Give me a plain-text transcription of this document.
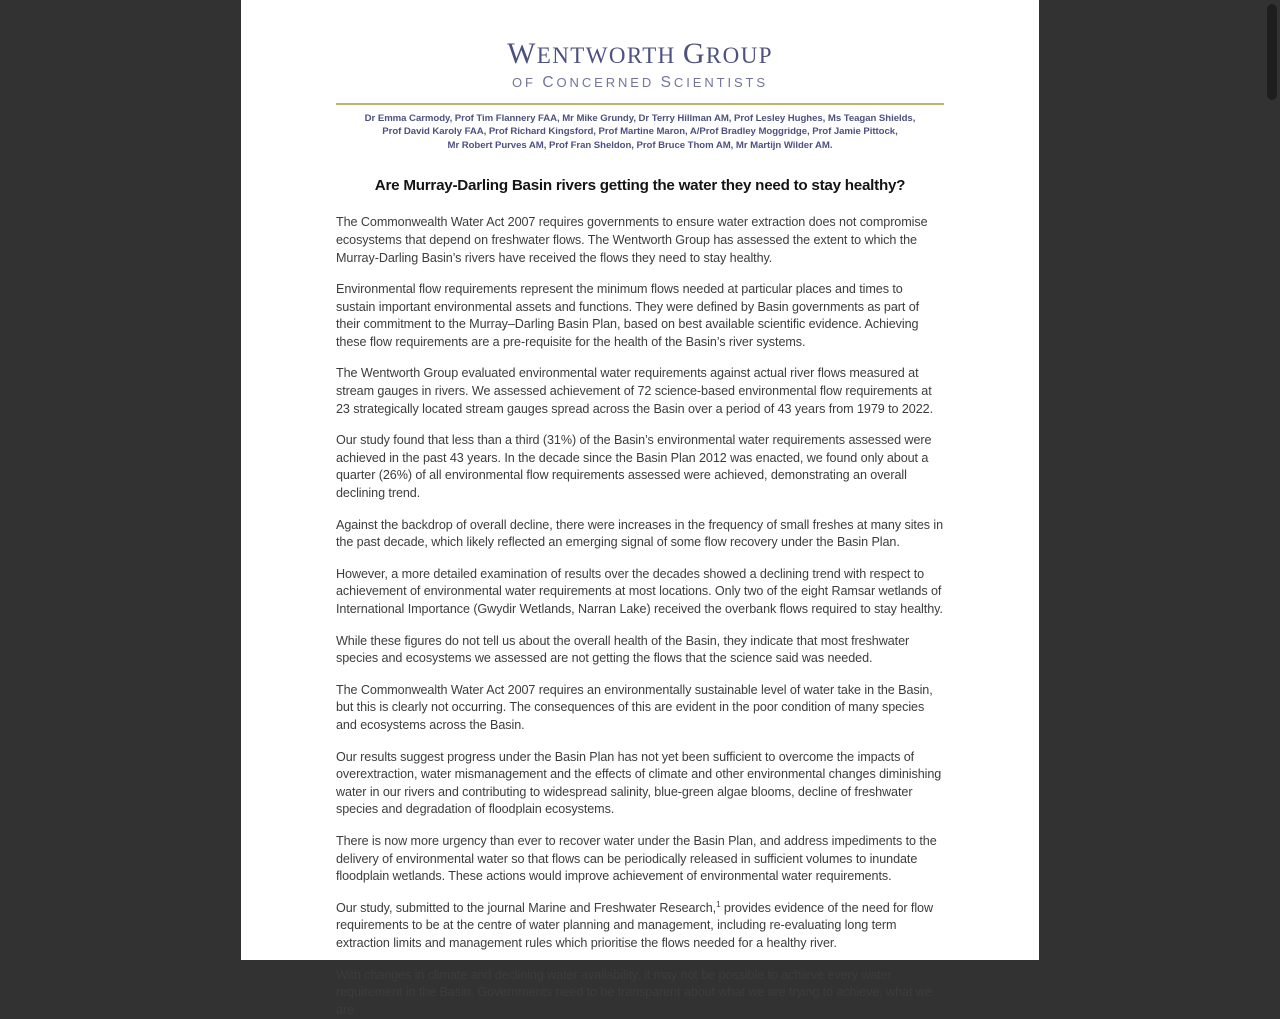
WENTWORTH GROUP
OF CONCERNED SCIENTISTS
Dr Emma Carmody, Prof Tim Flannery FAA, Mr Mike Grundy, Dr Terry Hillman AM, Prof Lesley Hughes, Ms Teagan Shields,
Prof David Karoly FAA, Prof Richard Kingsford, Prof Martine Maron, A/Prof Bradley Moggridge, Prof Jamie Pittock,
Mr Robert Purves AM, Prof Fran Sheldon, Prof Bruce Thom AM, Mr Martijn Wilder AM.
Are Murray-Darling Basin rivers getting the water they need to stay healthy?

The Commonwealth Water Act 2007 requires governments to ensure water extraction does not compromise ecosystems that depend on freshwater flows. The Wentworth Group has assessed the extent to which the Murray-Darling Basin’s rivers have received the flows they need to stay healthy.

Environmental flow requirements represent the minimum flows needed at particular places and times to sustain important environmental assets and functions. They were defined by Basin governments as part of their commitment to the Murray–Darling Basin Plan, based on best available scientific evidence. Achieving these flow requirements are a pre-requisite for the health of the Basin’s river systems.

The Wentworth Group evaluated environmental water requirements against actual river flows measured at stream gauges in rivers. We assessed achievement of 72 science-based environmental flow requirements at 23 strategically located stream gauges spread across the Basin over a period of 43 years from 1979 to 2022.

Our study found that less than a third (31%) of the Basin’s environmental water requirements assessed were achieved in the past 43 years. In the decade since the Basin Plan 2012 was enacted, we found only about a quarter (26%) of all environmental flow requirements assessed were achieved, demonstrating an overall declining trend.

Against the backdrop of overall decline, there were increases in the frequency of small freshes at many sites in the past decade, which likely reflected an emerging signal of some flow recovery under the Basin Plan.

However, a more detailed examination of results over the decades showed a declining trend with respect to achievement of environmental water requirements at most locations. Only two of the eight Ramsar wetlands of International Importance (Gwydir Wetlands, Narran Lake) received the overbank flows required to stay healthy.

While these figures do not tell us about the overall health of the Basin, they indicate that most freshwater species and ecosystems we assessed are not getting the flows that the science said was needed.

The Commonwealth Water Act 2007 requires an environmentally sustainable level of water take in the Basin, but this is clearly not occurring. The consequences of this are evident in the poor condition of many species and ecosystems across the Basin.

Our results suggest progress under the Basin Plan has not yet been sufficient to overcome the impacts of overextraction, water mismanagement and the effects of climate and other environmental changes diminishing water in our rivers and contributing to widespread salinity, blue-green algae blooms, decline of freshwater species and degradation of floodplain ecosystems.

There is now more urgency than ever to recover water under the Basin Plan, and address impediments to the delivery of environmental water so that flows can be periodically released in sufficient volumes to inundate floodplain wetlands. These actions would improve achievement of environmental water requirements.

Our study, submitted to the journal Marine and Freshwater Research,$^1$ provides evidence of the need for flow requirements to be at the centre of water planning and management, including re-evaluating long term extraction limits and management rules which prioritise the flows needed for a healthy river.

With changes in climate and declining water availability, it may not be possible to achieve every water requirement in the Basin. Governments need to be transparent about what we are trying to achieve, what we are
